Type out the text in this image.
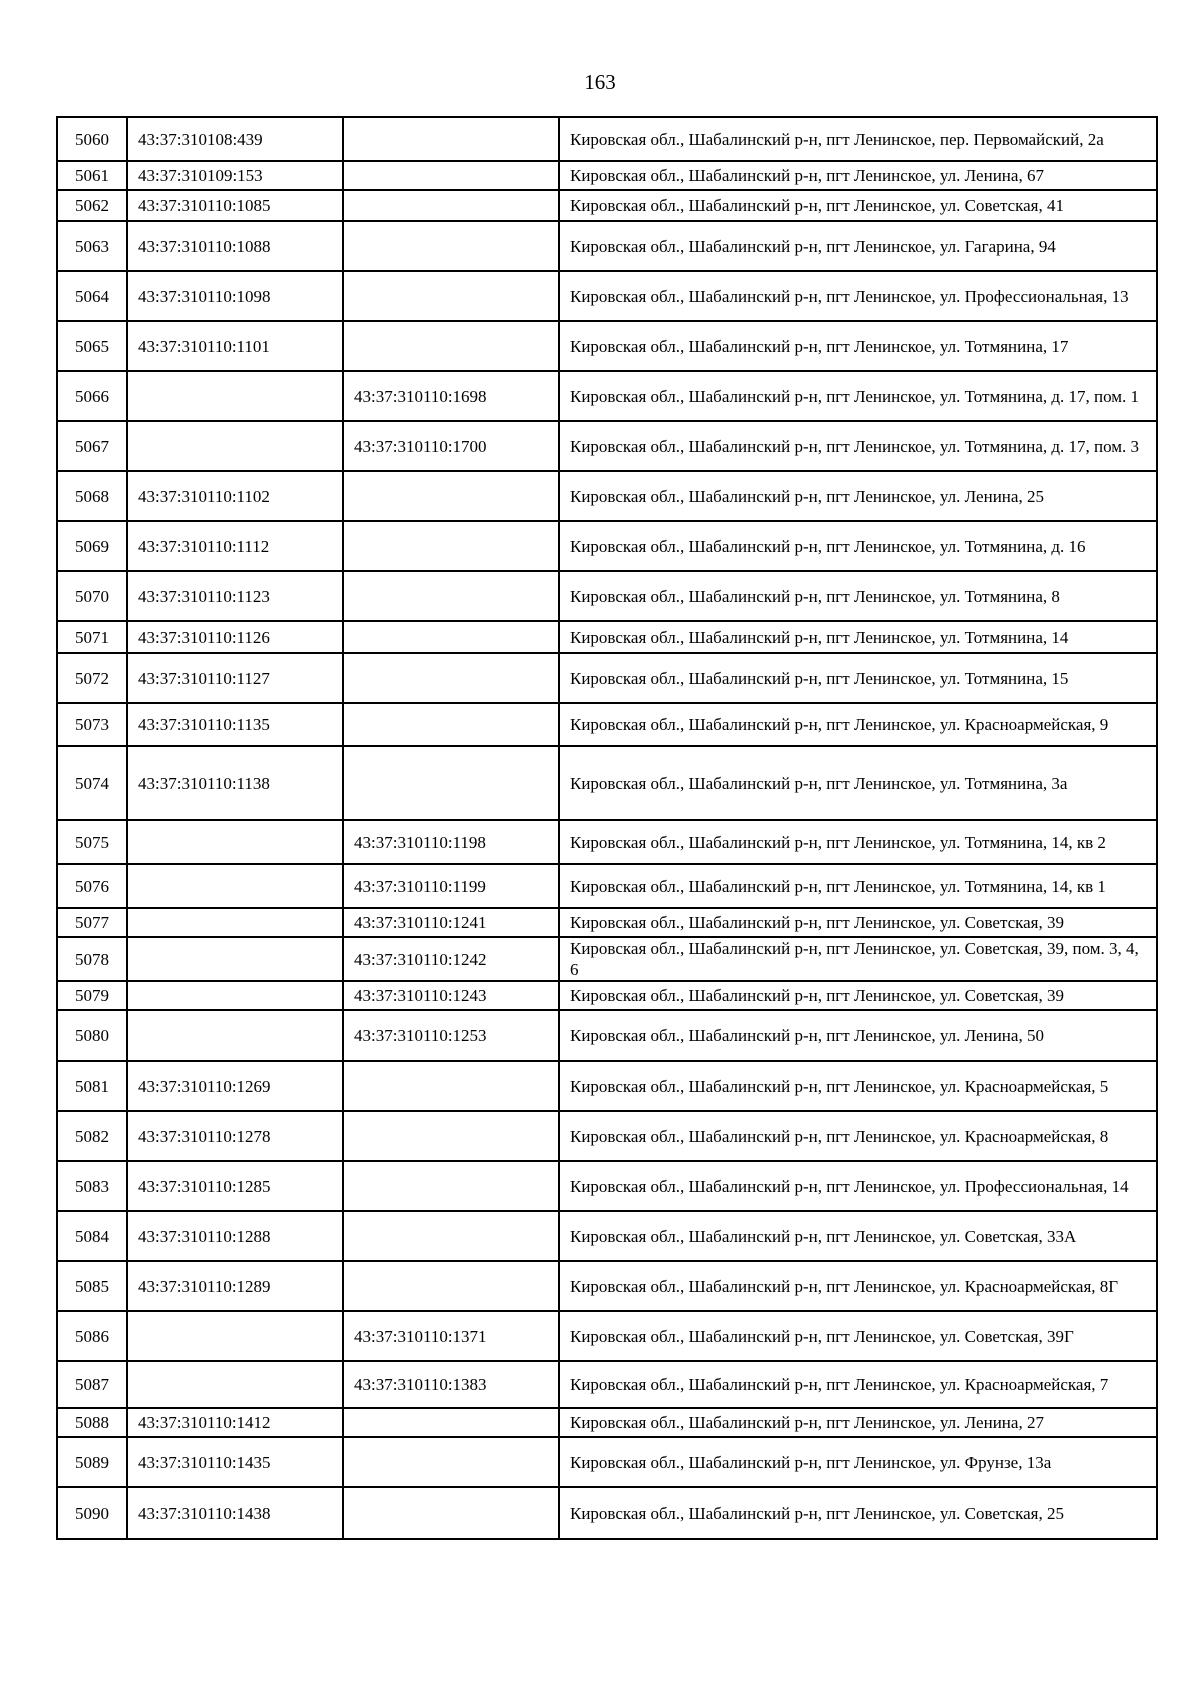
163
5060	43:37:310108:439		Кировская обл., Шабалинский р-н, пгт Ленинское, пер. Первомайский, 2а
5061	43:37:310109:153		Кировская обл., Шабалинский р-н, пгт Ленинское, ул. Ленина, 67
5062	43:37:310110:1085		Кировская обл., Шабалинский р-н, пгт Ленинское, ул. Советская, 41
5063	43:37:310110:1088		Кировская обл., Шабалинский р-н, пгт Ленинское, ул. Гагарина, 94
5064	43:37:310110:1098		Кировская обл., Шабалинский р-н, пгт Ленинское, ул. Профессиональная, 13
5065	43:37:310110:1101		Кировская обл., Шабалинский р-н, пгт Ленинское, ул. Тотмянина, 17
5066		43:37:310110:1698	Кировская обл., Шабалинский р-н, пгт Ленинское, ул. Тотмянина, д. 17, пом. 1
5067		43:37:310110:1700	Кировская обл., Шабалинский р-н, пгт Ленинское, ул. Тотмянина, д. 17, пом. 3
5068	43:37:310110:1102		Кировская обл., Шабалинский р-н, пгт Ленинское, ул. Ленина, 25
5069	43:37:310110:1112		Кировская обл., Шабалинский р-н, пгт Ленинское, ул. Тотмянина, д. 16
5070	43:37:310110:1123		Кировская обл., Шабалинский р-н, пгт Ленинское, ул. Тотмянина, 8
5071	43:37:310110:1126		Кировская обл., Шабалинский р-н, пгт Ленинское, ул. Тотмянина, 14
5072	43:37:310110:1127		Кировская обл., Шабалинский р-н, пгт Ленинское, ул. Тотмянина, 15
5073	43:37:310110:1135		Кировская обл., Шабалинский р-н, пгт Ленинское, ул. Красноармейская, 9
5074	43:37:310110:1138		Кировская обл., Шабалинский р-н, пгт Ленинское, ул. Тотмянина, 3а
5075		43:37:310110:1198	Кировская обл., Шабалинский р-н, пгт Ленинское, ул. Тотмянина, 14, кв 2
5076		43:37:310110:1199	Кировская обл., Шабалинский р-н, пгт Ленинское, ул. Тотмянина, 14, кв 1
5077		43:37:310110:1241	Кировская обл., Шабалинский р-н, пгт Ленинское, ул. Советская, 39
5078		43:37:310110:1242	Кировская обл., Шабалинский р-н, пгт Ленинское, ул. Советская, 39, пом. 3, 4, 6
5079		43:37:310110:1243	Кировская обл., Шабалинский р-н, пгт Ленинское, ул. Советская, 39
5080		43:37:310110:1253	Кировская обл., Шабалинский р-н, пгт Ленинское, ул. Ленина, 50
5081	43:37:310110:1269		Кировская обл., Шабалинский р-н, пгт Ленинское, ул. Красноармейская, 5
5082	43:37:310110:1278		Кировская обл., Шабалинский р-н, пгт Ленинское, ул. Красноармейская, 8
5083	43:37:310110:1285		Кировская обл., Шабалинский р-н, пгт Ленинское, ул. Профессиональная, 14
5084	43:37:310110:1288		Кировская обл., Шабалинский р-н, пгт Ленинское, ул. Советская, 33А
5085	43:37:310110:1289		Кировская обл., Шабалинский р-н, пгт Ленинское, ул. Красноармейская, 8Г
5086		43:37:310110:1371	Кировская обл., Шабалинский р-н, пгт Ленинское, ул. Советская, 39Г
5087		43:37:310110:1383	Кировская обл., Шабалинский р-н, пгт Ленинское, ул. Красноармейская, 7
5088	43:37:310110:1412		Кировская обл., Шабалинский р-н, пгт Ленинское, ул. Ленина, 27
5089	43:37:310110:1435		Кировская обл., Шабалинский р-н, пгт Ленинское, ул. Фрунзе, 13а
5090	43:37:310110:1438		Кировская обл., Шабалинский р-н, пгт Ленинское, ул. Советская, 25
